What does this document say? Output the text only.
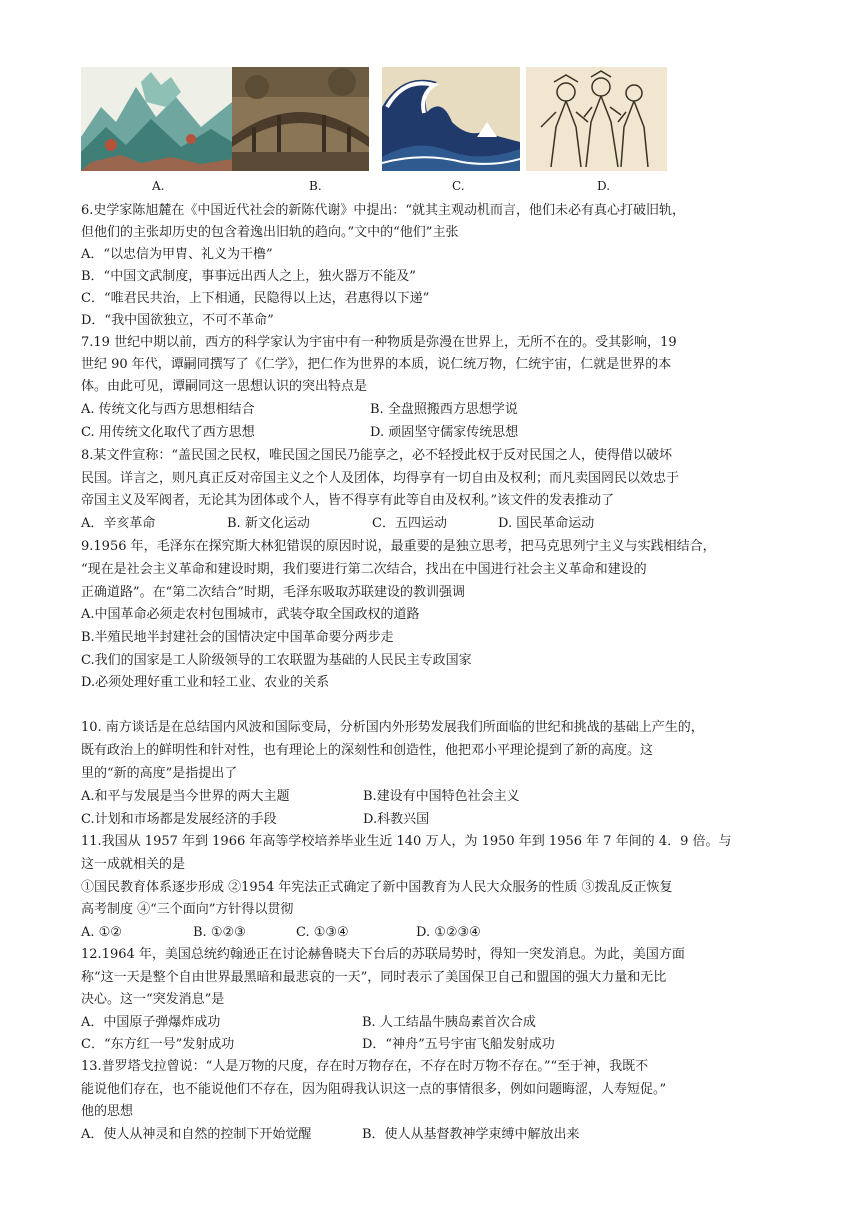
A.	B.	C.	D.
6.史学家陈旭麓在《中国近代社会的新陈代谢》中提出：“就其主观动机而言，他们未必有真心打破旧轨，
但他们的主张却历史的包含着逸出旧轨的趋向。”文中的“他们”主张
A．“以忠信为甲胄、礼义为干橹”
B．“中国文武制度，事事远出西人之上，独火器万不能及”
C．“唯君民共治，上下相通，民隐得以上达，君惠得以下递”
D．“我中国欲独立，不可不革命”
7.19 世纪中期以前，西方的科学家认为宇宙中有一种物质是弥漫在世界上，无所不在的。受其影响，19
世纪 90 年代，谭嗣同撰写了《仁学》，把仁作为世界的本质，说仁统万物，仁统宇宙，仁就是世界的本
体。由此可见，谭嗣同这一思想认识的突出特点是
A. 传统文化与西方思想相结合	B. 全盘照搬西方思想学说
C. 用传统文化取代了西方思想	D. 顽固坚守儒家传统思想
8.某文件宣称：“盖民国之民权，唯民国之国民乃能享之，必不轻授此权于反对民国之人，使得借以破坏
民国。详言之，则凡真正反对帝国主义之个人及团体，均得享有一切自由及权利；而凡卖国罔民以效忠于
帝国主义及军阀者，无论其为团体或个人，皆不得享有此等自由及权利。”该文件的发表推动了
A．辛亥革命	B. 新文化运动	C．五四运动	D. 国民革命运动
9.1956 年，毛泽东在探究斯大林犯错误的原因时说，最重要的是独立思考，把马克思列宁主义与实践相结合，
“现在是社会主义革命和建设时期，我们要进行第二次结合，找出在中国进行社会主义革命和建设的
正确道路”。在“第二次结合”时期，毛泽东吸取苏联建设的教训强调
A.中国革命必须走农村包围城市，武装夺取全国政权的道路
B.半殖民地半封建社会的国情决定中国革命要分两步走
C.我们的国家是工人阶级领导的工农联盟为基础的人民民主专政国家
D.必须处理好重工业和轻工业、农业的关系
10. 南方谈话是在总结国内风波和国际变局，分析国内外形势发展我们所面临的世纪和挑战的基础上产生的，
既有政治上的鲜明性和针对性，也有理论上的深刻性和创造性，他把邓小平理论提到了新的高度。这
里的“新的高度”是指提出了
A.和平与发展是当今世界的两大主题	B.建设有中国特色社会主义
C.计划和市场都是发展经济的手段	D.科教兴国
11.我国从 1957 年到 1966 年高等学校培养毕业生近 140 万人，为 1950 年到 1956 年 7 年间的 4．9 倍。与
这一成就相关的是
①国民教育体系逐步形成 ②1954 年宪法正式确定了新中国教育为人民大众服务的性质 ③拨乱反正恢复
高考制度 ④“三个面向”方针得以贯彻
A. ①②	B. ①②③	C. ①③④	D. ①②③④
12.1964 年，美国总统约翰逊正在讨论赫鲁晓夫下台后的苏联局势时，得知一突发消息。为此，美国方面
称“这一天是整个自由世界最黑暗和最悲哀的一天”，同时表示了美国保卫自己和盟国的强大力量和无比
决心。这一“突发消息”是
A．中国原子弹爆炸成功	B. 人工结晶牛胰岛素首次合成
C．“东方红一号”发射成功	D．“神舟”五号宇宙飞船发射成功
13.普罗塔戈拉曾说：“人是万物的尺度，存在时万物存在，不存在时万物不存在。”“至于神，我既不
能说他们存在，也不能说他们不存在，因为阻碍我认识这一点的事情很多，例如问题晦涩，人寿短促。”
他的思想
A．使人从神灵和自然的控制下开始觉醒	B．使人从基督教神学束缚中解放出来
